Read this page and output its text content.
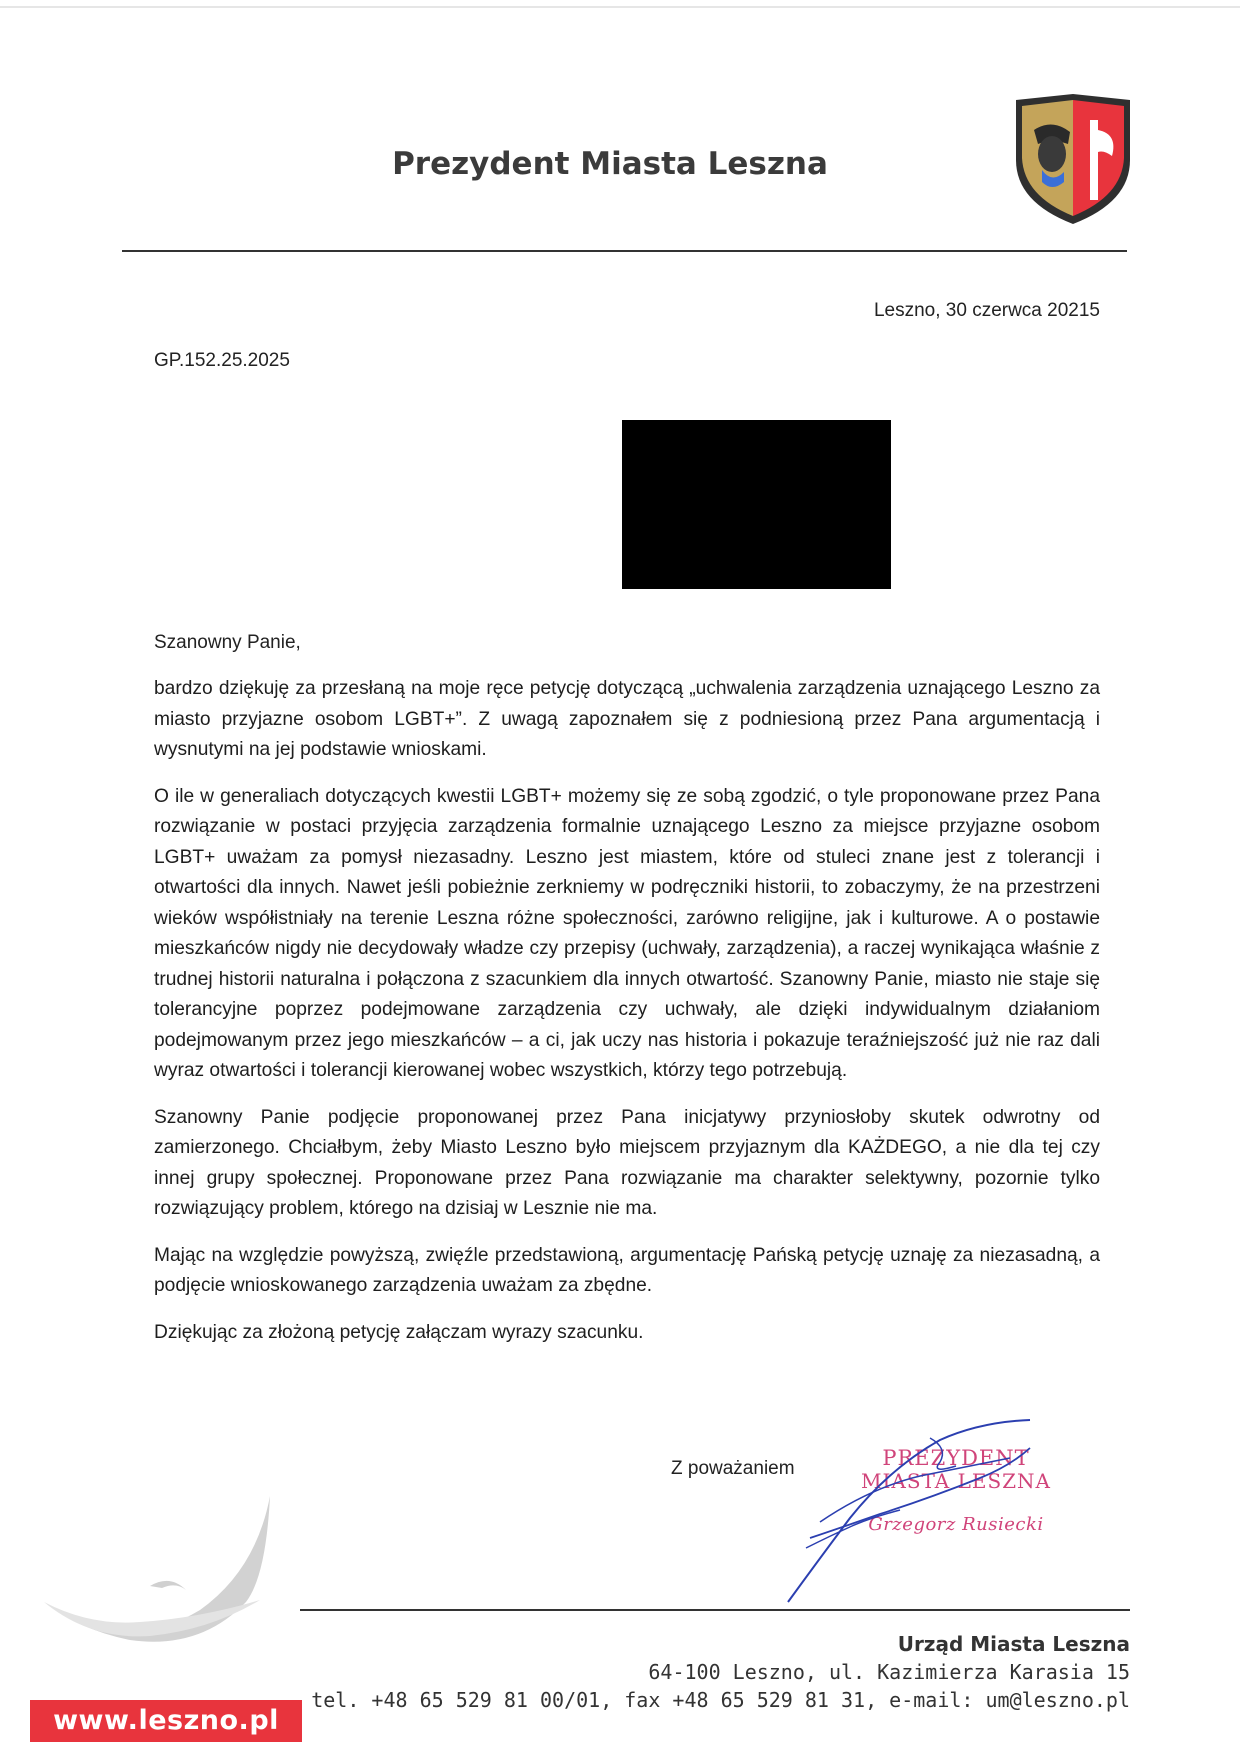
Prezydent Miasta Leszna
Leszno, 30 czerwca 20215
GP.152.25.2025
Szanowny Panie,

bardzo dziękuję za przesłaną na moje ręce petycję dotyczącą „uchwalenia zarządzenia uznającego Leszno za miasto przyjazne osobom LGBT+”. Z uwagą zapoznałem się z podniesioną przez Pana argumentacją i wysnutymi na jej podstawie wnioskami.

O ile w generaliach dotyczących kwestii LGBT+ możemy się ze sobą zgodzić, o tyle proponowane przez Pana rozwiązanie w postaci przyjęcia zarządzenia formalnie uznającego Leszno za miejsce przyjazne osobom LGBT+ uważam za pomysł niezasadny. Leszno jest miastem, które od stuleci znane jest z tolerancji i otwartości dla innych. Nawet jeśli pobieżnie zerkniemy w podręczniki historii, to zobaczymy, że na przestrzeni wieków współistniały na terenie Leszna różne społeczności, zarówno religijne, jak i kulturowe. A o postawie mieszkańców nigdy nie decydowały władze czy przepisy (uchwały, zarządzenia), a raczej wynikająca właśnie z trudnej historii naturalna i połączona z szacunkiem dla innych otwartość. Szanowny Panie, miasto nie staje się tolerancyjne poprzez podejmowane zarządzenia czy uchwały, ale dzięki indywidualnym działaniom podejmowanym przez jego mieszkańców – a ci, jak uczy nas historia i pokazuje teraźniejszość już nie raz dali wyraz otwartości i tolerancji kierowanej wobec wszystkich, którzy tego potrzebują.

Szanowny Panie podjęcie proponowanej przez Pana inicjatywy przyniosłoby skutek odwrotny od zamierzonego. Chciałbym, żeby Miasto Leszno było miejscem przyjaznym dla KAŻDEGO, a nie dla tej czy innej grupy społecznej. Proponowane przez Pana rozwiązanie ma charakter selektywny, pozornie tylko rozwiązujący problem, którego na dzisiaj w Lesznie nie ma.

Mając na względzie powyższą, zwięźle przedstawioną, argumentację Pańską petycję uznaję za niezasadną, a podjęcie wnioskowanego zarządzenia uważam za zbędne.

Dziękując za złożoną petycję załączam wyrazy szacunku.

Z poważaniem	PREZYDENT
MIASTA LESZNA
Grzegorz Rusiecki
Urząd Miasta Leszna
64-100 Leszno, ul. Kazimierza Karasia 15
tel. +48 65 529 81 00/01, fax +48 65 529 81 31, e-mail: um@leszno.pl
www.leszno.pl
